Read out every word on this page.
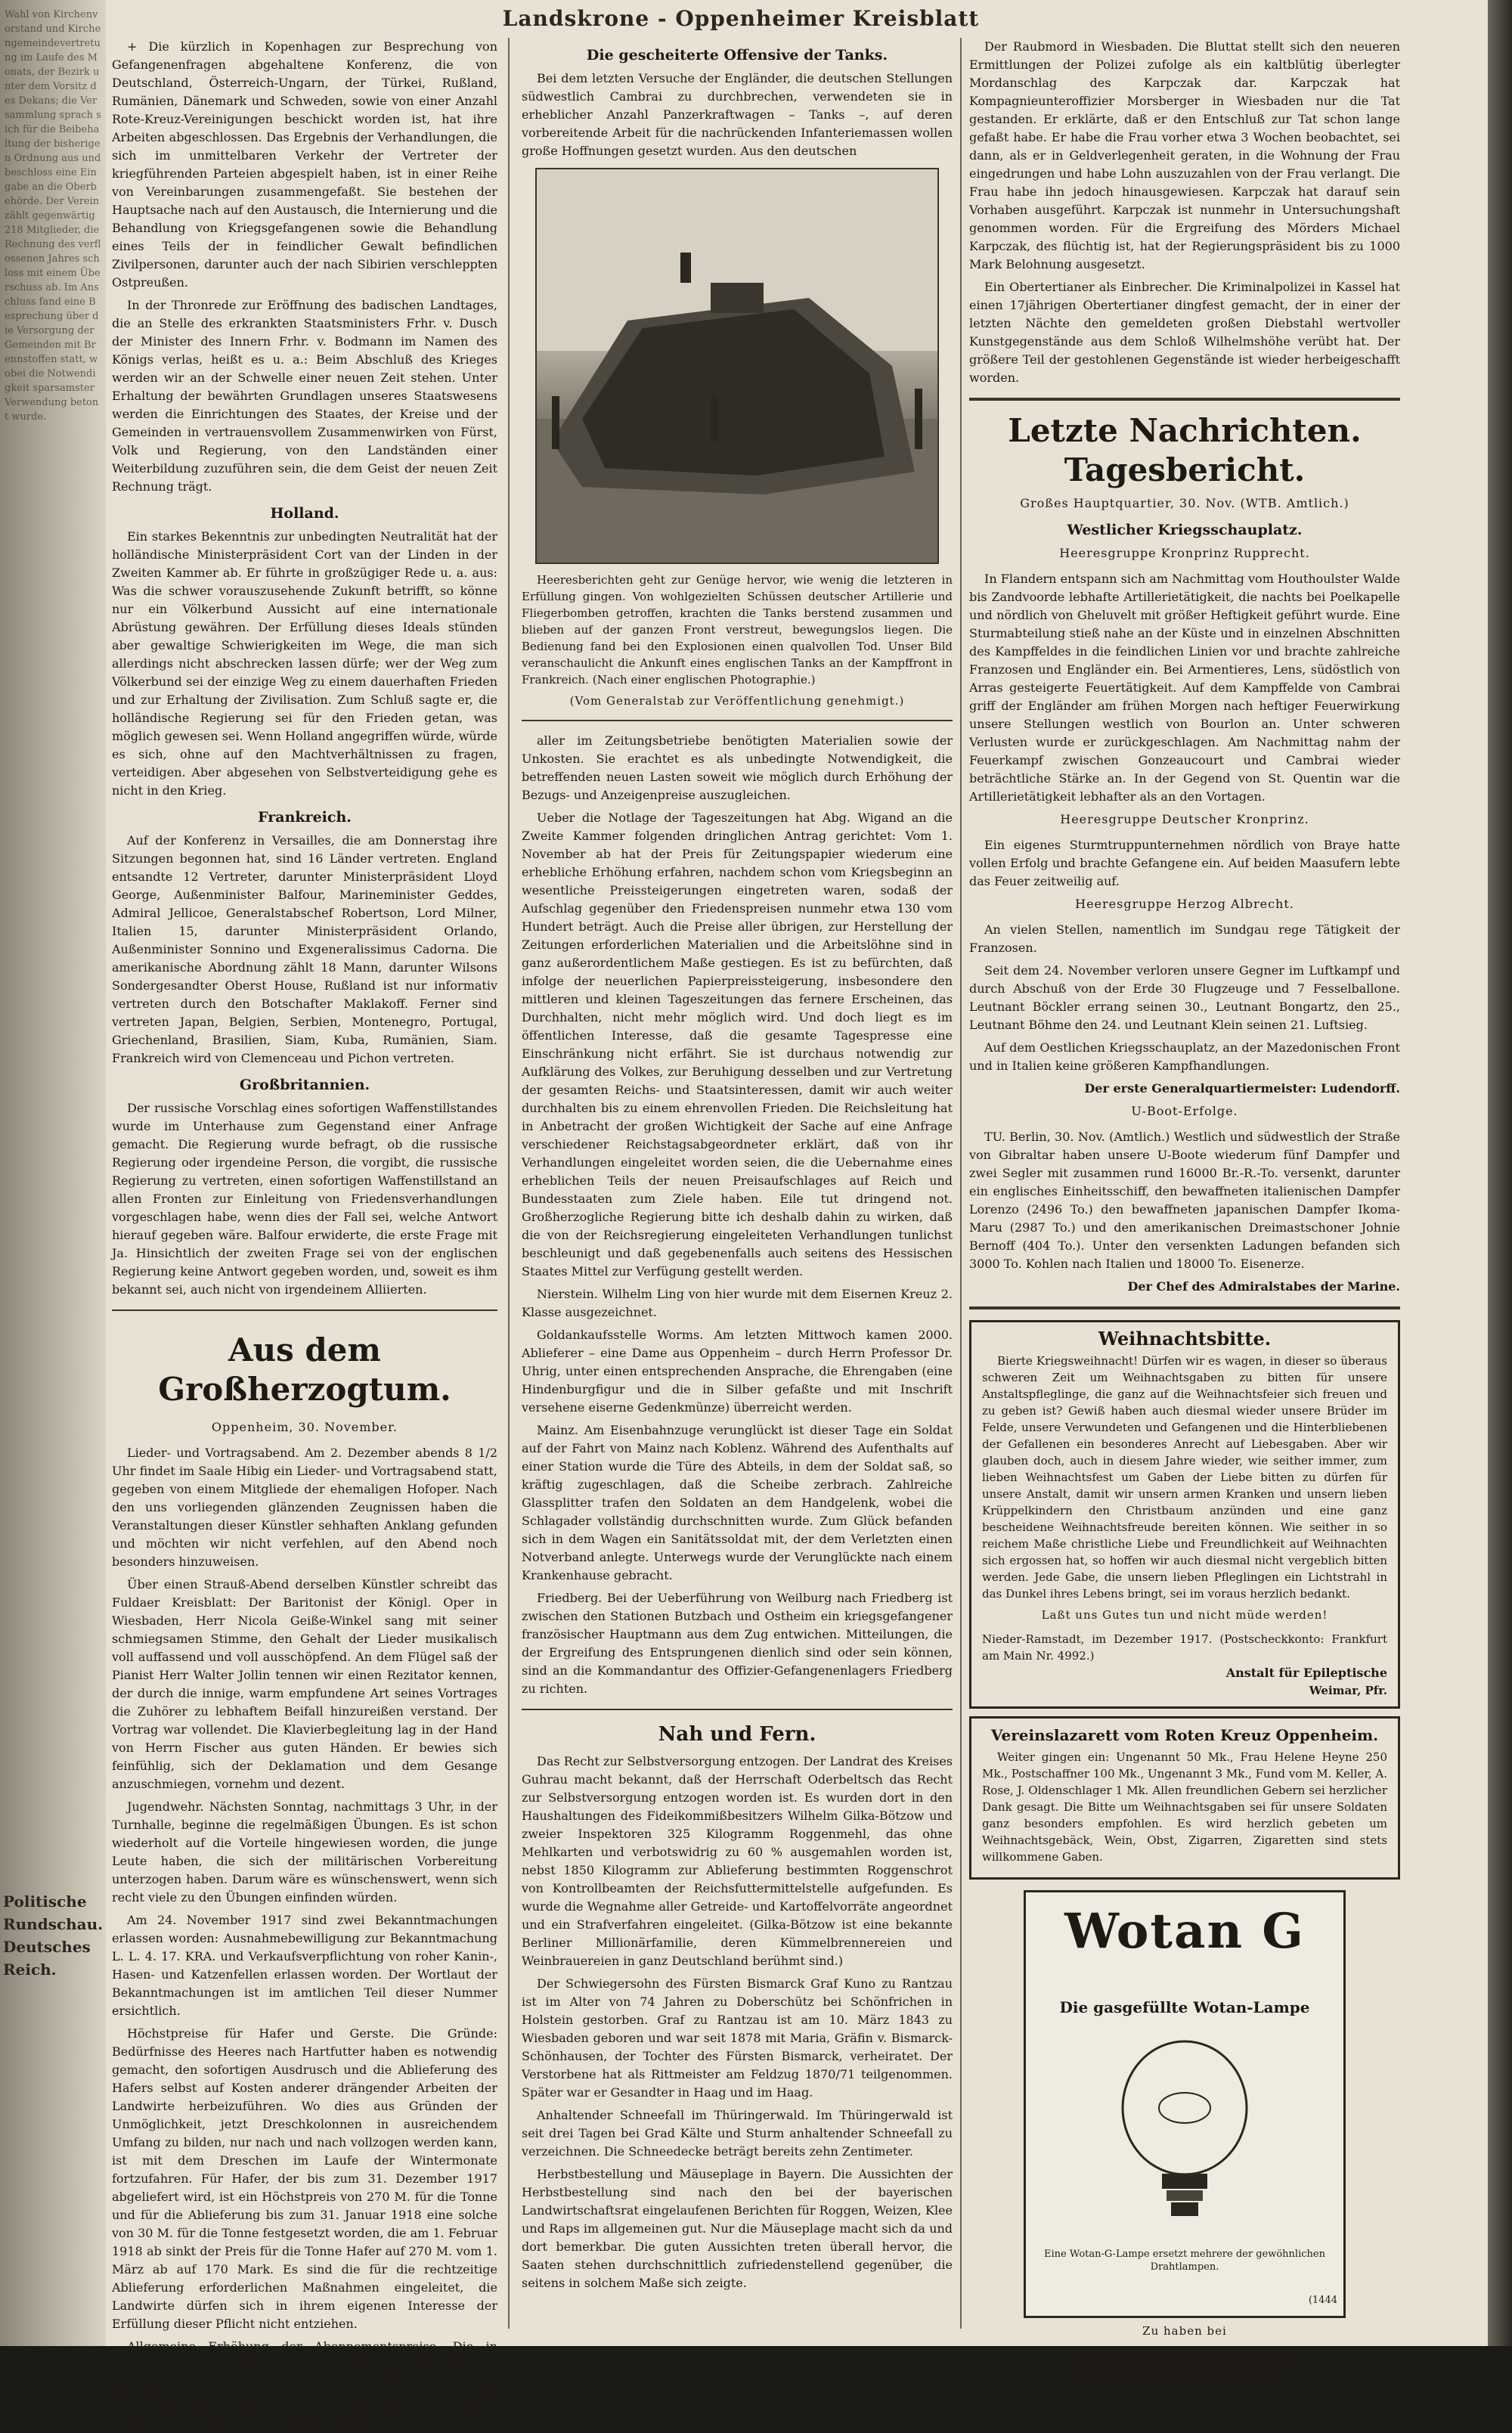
Wahl von Kirchenvorstand und Kirchengemeindevertretung im Laufe des Monats, der Bezirk unter dem Vorsitz des Dekans; die Versammlung sprach sich für die Beibehaltung der bisherigen Ordnung aus und beschloss eine Eingabe an die Oberbehörde. Der Verein zählt gegenwärtig 218 Mitglieder, die Rechnung des verflossenen Jahres schloss mit einem Überschuss ab. Im Anschluss fand eine Besprechung über die Versorgung der Gemeinden mit Brennstoffen statt, wobei die Notwendigkeit sparsamster Verwendung betont wurde.
Politische Rundschau. Deutsches Reich.
Landskrone - Oppenheimer Kreisblatt

+ Die kürzlich in Kopenhagen zur Besprechung von Gefangenenfragen abgehaltene Konferenz, die von Deutschland, Österreich-Ungarn, der Türkei, Rußland, Rumänien, Dänemark und Schweden, sowie von einer Anzahl Rote-Kreuz-Vereinigungen beschickt worden ist, hat ihre Arbeiten abgeschlossen. Das Ergebnis der Verhandlungen, die sich im unmittelbaren Verkehr der Vertreter der kriegführenden Parteien abgespielt haben, ist in einer Reihe von Vereinbarungen zusammengefaßt. Sie bestehen der Hauptsache nach auf den Austausch, die Internierung und die Behandlung von Kriegsgefangenen sowie die Behandlung eines Teils der in feindlicher Gewalt befindlichen Zivilpersonen, darunter auch der nach Sibirien verschleppten Ostpreußen.

In der Thronrede zur Eröffnung des badischen Landtages, die an Stelle des erkrankten Staatsministers Frhr. v. Dusch der Minister des Innern Frhr. v. Bodmann im Namen des Königs verlas, heißt es u. a.: Beim Abschluß des Krieges werden wir an der Schwelle einer neuen Zeit stehen. Unter Erhaltung der bewährten Grundlagen unseres Staatswesens werden die Einrichtungen des Staates, der Kreise und der Gemeinden in vertrauensvollem Zusammenwirken von Fürst, Volk und Regierung, von den Landständen einer Weiterbildung zuzuführen sein, die dem Geist der neuen Zeit Rechnung trägt.

Holland.

Ein starkes Bekenntnis zur unbedingten Neutralität hat der holländische Ministerpräsident Cort van der Linden in der Zweiten Kammer ab. Er führte in großzügiger Rede u. a. aus: Was die schwer vorauszusehende Zukunft betrifft, so könne nur ein Völkerbund Aussicht auf eine internationale Abrüstung gewähren. Der Erfüllung dieses Ideals stünden aber gewaltige Schwierigkeiten im Wege, die man sich allerdings nicht abschrecken lassen dürfe; wer der Weg zum Völkerbund sei der einzige Weg zu einem dauerhaften Frieden und zur Erhaltung der Zivilisation. Zum Schluß sagte er, die holländische Regierung sei für den Frieden getan, was möglich gewesen sei. Wenn Holland angegriffen würde, würde es sich, ohne auf den Machtverhältnissen zu fragen, verteidigen. Aber abgesehen von Selbstverteidigung gehe es nicht in den Krieg.

Frankreich.

Auf der Konferenz in Versailles, die am Donnerstag ihre Sitzungen begonnen hat, sind 16 Länder vertreten. England entsandte 12 Vertreter, darunter Ministerpräsident Lloyd George, Außenminister Balfour, Marineminister Geddes, Admiral Jellicoe, Generalstabschef Robertson, Lord Milner, Italien 15, darunter Ministerpräsident Orlando, Außenminister Sonnino und Exgeneralissimus Cadorna. Die amerikanische Abordnung zählt 18 Mann, darunter Wilsons Sondergesandter Oberst House, Rußland ist nur informativ vertreten durch den Botschafter Maklakoff. Ferner sind vertreten Japan, Belgien, Serbien, Montenegro, Portugal, Griechenland, Brasilien, Siam, Kuba, Rumänien, Siam. Frankreich wird von Clemenceau und Pichon vertreten.

Großbritannien.

Der russische Vorschlag eines sofortigen Waffenstillstandes wurde im Unterhause zum Gegenstand einer Anfrage gemacht. Die Regierung wurde befragt, ob die russische Regierung oder irgendeine Person, die vorgibt, die russische Regierung zu vertreten, einen sofortigen Waffenstillstand an allen Fronten zur Einleitung von Friedensverhandlungen vorgeschlagen habe, wenn dies der Fall sei, welche Antwort hierauf gegeben wäre. Balfour erwiderte, die erste Frage mit Ja. Hinsichtlich der zweiten Frage sei von der englischen Regierung keine Antwort gegeben worden, und, soweit es ihm bekannt sei, auch nicht von irgendeinem Alliierten.

Aus dem Großherzogtum.
Oppenheim, 30. November.

Lieder- und Vortragsabend. Am 2. Dezember abends 8 1/2 Uhr findet im Saale Hibig ein Lieder- und Vortragsabend statt, gegeben von einem Mitgliede der ehemaligen Hofoper. Nach den uns vorliegenden glänzenden Zeugnissen haben die Veranstaltungen dieser Künstler sehhaften Anklang gefunden und möchten wir nicht verfehlen, auf den Abend noch besonders hinzuweisen.

Über einen Strauß-Abend derselben Künstler schreibt das Fuldaer Kreisblatt: Der Baritonist der Königl. Oper in Wiesbaden, Herr Nicola Geiße-Winkel sang mit seiner schmiegsamen Stimme, den Gehalt der Lieder musikalisch voll auffassend und voll ausschöpfend. An dem Flügel saß der Pianist Herr Walter Jollin tennen wir einen Rezitator kennen, der durch die innige, warm empfundene Art seines Vortrages die Zuhörer zu lebhaftem Beifall hinzureißen verstand. Der Vortrag war vollendet. Die Klavierbegleitung lag in der Hand von Herrn Fischer aus guten Händen. Er bewies sich feinfühlig, sich der Deklamation und dem Gesange anzuschmiegen, vornehm und dezent.

Jugendwehr. Nächsten Sonntag, nachmittags 3 Uhr, in der Turnhalle, beginne die regelmäßigen Übungen. Es ist schon wiederholt auf die Vorteile hingewiesen worden, die junge Leute haben, die sich der militärischen Vorbereitung unterzogen haben. Darum wäre es wünschenswert, wenn sich recht viele zu den Übungen einfinden würden.

Am 24. November 1917 sind zwei Bekanntmachungen erlassen worden: Ausnahmebewilligung zur Bekanntmachung L. L. 4. 17. KRA. und Verkaufsverpflichtung von roher Kanin-, Hasen- und Katzenfellen erlassen worden. Der Wortlaut der Bekanntmachungen ist im amtlichen Teil dieser Nummer ersichtlich.

Höchstpreise für Hafer und Gerste. Die Gründe: Bedürfnisse des Heeres nach Hartfutter haben es notwendig gemacht, den sofortigen Ausdrusch und die Ablieferung des Hafers selbst auf Kosten anderer drängender Arbeiten der Landwirte herbeizuführen. Wo dies aus Gründen der Unmöglichkeit, jetzt Dreschkolonnen in ausreichendem Umfang zu bilden, nur nach und nach vollzogen werden kann, ist mit dem Dreschen im Laufe der Wintermonate fortzufahren. Für Hafer, der bis zum 31. Dezember 1917 abgeliefert wird, ist ein Höchstpreis von 270 M. für die Tonne und für die Ablieferung bis zum 31. Januar 1918 eine solche von 30 M. für die Tonne festgesetzt worden, die am 1. Februar 1918 ab sinkt der Preis für die Tonne Hafer auf 270 M. vom 1. März ab auf 170 Mark. Es sind die für die rechtzeitige Ablieferung erforderlichen Maßnahmen eingeleitet, die Landwirte dürfen sich in ihrem eigenen Interesse der Erfüllung dieser Pflicht nicht entziehen.

Allgemeine Erhöhung der Abonnementspreise. Die in Frankfurt a. M. tagende Versammlung der Verleger des Kreisvereins für die Provinz Hessen-Nassau und das Großherzogtum Hessen nahm Stellung zu der seit Jahr und Tag weiter sprunghaft in die Höhe gegangenen Preise.

Die gescheiterte Offensive der Tanks.

Bei dem letzten Versuche der Engländer, die deutschen Stellungen südwestlich Cambrai zu durchbrechen, verwendeten sie in erheblicher Anzahl Panzerkraftwagen – Tanks –, auf deren vorbereitende Arbeit für die nachrückenden Infanteriemassen wollen große Hoffnungen gesetzt wurden. Aus den deutschen

Heeresberichten geht zur Genüge hervor, wie wenig die letzteren in Erfüllung gingen. Von wohlgezielten Schüssen deutscher Artillerie und Fliegerbomben getroffen, krachten die Tanks berstend zusammen und blieben auf der ganzen Front verstreut, bewegungslos liegen. Die Bedienung fand bei den Explosionen einen qualvollen Tod. Unser Bild veranschaulicht die Ankunft eines englischen Tanks an der Kampffront in Frankreich. (Nach einer englischen Photographie.)

(Vom Generalstab zur Veröffentlichung genehmigt.)

aller im Zeitungsbetriebe benötigten Materialien sowie der Unkosten. Sie erachtet es als unbedingte Notwendigkeit, die betreffenden neuen Lasten soweit wie möglich durch Erhöhung der Bezugs- und Anzeigenpreise auszugleichen.

Ueber die Notlage der Tageszeitungen hat Abg. Wigand an die Zweite Kammer folgenden dringlichen Antrag gerichtet: Vom 1. November ab hat der Preis für Zeitungspapier wiederum eine erhebliche Erhöhung erfahren, nachdem schon vom Kriegsbeginn an wesentliche Preissteigerungen eingetreten waren, sodaß der Aufschlag gegenüber den Friedenspreisen nunmehr etwa 130 vom Hundert beträgt. Auch die Preise aller übrigen, zur Herstellung der Zeitungen erforderlichen Materialien und die Arbeitslöhne sind in ganz außerordentlichem Maße gestiegen. Es ist zu befürchten, daß infolge der neuerlichen Papierpreissteigerung, insbesondere den mittleren und kleinen Tageszeitungen das fernere Erscheinen, das Durchhalten, nicht mehr möglich wird. Und doch liegt es im öffentlichen Interesse, daß die gesamte Tagespresse eine Einschränkung nicht erfährt. Sie ist durchaus notwendig zur Aufklärung des Volkes, zur Beruhigung desselben und zur Vertretung der gesamten Reichs- und Staatsinteressen, damit wir auch weiter durchhalten bis zu einem ehrenvollen Frieden. Die Reichsleitung hat in Anbetracht der großen Wichtigkeit der Sache auf eine Anfrage verschiedener Reichstagsabgeordneter erklärt, daß von ihr Verhandlungen eingeleitet worden seien, die die Uebernahme eines erheblichen Teils der neuen Preisaufschlages auf Reich und Bundesstaaten zum Ziele haben. Eile tut dringend not. Großherzogliche Regierung bitte ich deshalb dahin zu wirken, daß die von der Reichsregierung eingeleiteten Verhandlungen tunlichst beschleunigt und daß gegebenenfalls auch seitens des Hessischen Staates Mittel zur Verfügung gestellt werden.

Nierstein. Wilhelm Ling von hier wurde mit dem Eisernen Kreuz 2. Klasse ausgezeichnet.

Goldankaufsstelle Worms. Am letzten Mittwoch kamen 2000. Ablieferer – eine Dame aus Oppenheim – durch Herrn Professor Dr. Uhrig, unter einen entsprechenden Ansprache, die Ehrengaben (eine Hindenburgfigur und die in Silber gefaßte und mit Inschrift versehene eiserne Gedenkmünze) überreicht werden.

Mainz. Am Eisenbahnzuge verunglückt ist dieser Tage ein Soldat auf der Fahrt von Mainz nach Koblenz. Während des Aufenthalts auf einer Station wurde die Türe des Abteils, in dem der Soldat saß, so kräftig zugeschlagen, daß die Scheibe zerbrach. Zahlreiche Glassplitter trafen den Soldaten an dem Handgelenk, wobei die Schlagader vollständig durchschnitten wurde. Zum Glück befanden sich in dem Wagen ein Sanitätssoldat mit, der dem Verletzten einen Notverband anlegte. Unterwegs wurde der Verunglückte nach einem Krankenhause gebracht.

Friedberg. Bei der Ueberführung von Weilburg nach Friedberg ist zwischen den Stationen Butzbach und Ostheim ein kriegsgefangener französischer Hauptmann aus dem Zug entwichen. Mitteilungen, die der Ergreifung des Entsprungenen dienlich sind oder sein können, sind an die Kommandantur des Offizier-Gefangenenlagers Friedberg zu richten.

Nah und Fern.

Das Recht zur Selbstversorgung entzogen. Der Landrat des Kreises Guhrau macht bekannt, daß der Herrschaft Oderbeltsch das Recht zur Selbstversorgung entzogen worden ist. Es wurden dort in den Haushaltungen des Fideikommißbesitzers Wilhelm Gilka-Bötzow und zweier Inspektoren 325 Kilogramm Roggenmehl, das ohne Mehlkarten und verbotswidrig zu 60 % ausgemahlen worden ist, nebst 1850 Kilogramm zur Ablieferung bestimmten Roggenschrot von Kontrollbeamten der Reichsfuttermittelstelle aufgefunden. Es wurde die Wegnahme aller Getreide- und Kartoffelvorräte angeordnet und ein Strafverfahren eingeleitet. (Gilka-Bötzow ist eine bekannte Berliner Millionärfamilie, deren Kümmelbrennereien und Weinbrauereien in ganz Deutschland berühmt sind.)

Der Schwiegersohn des Fürsten Bismarck Graf Kuno zu Rantzau ist im Alter von 74 Jahren zu Doberschütz bei Schönfrichen in Holstein gestorben. Graf zu Rantzau ist am 10. März 1843 zu Wiesbaden geboren und war seit 1878 mit Maria, Gräfin v. Bismarck-Schönhausen, der Tochter des Fürsten Bismarck, verheiratet. Der Verstorbene hat als Rittmeister am Feldzug 1870/71 teilgenommen. Später war er Gesandter in Haag und im Haag.

Anhaltender Schneefall im Thüringerwald. Im Thüringerwald ist seit drei Tagen bei Grad Kälte und Sturm anhaltender Schneefall zu verzeichnen. Die Schneedecke beträgt bereits zehn Zentimeter.

Herbstbestellung und Mäuseplage in Bayern. Die Aussichten der Herbstbestellung sind nach den bei der bayerischen Landwirtschaftsrat eingelaufenen Berichten für Roggen, Weizen, Klee und Raps im allgemeinen gut. Nur die Mäuseplage macht sich da und dort bemerkbar. Die guten Aussichten treten überall hervor, die Saaten stehen durchschnittlich zufriedenstellend gegenüber, die seitens in solchem Maße sich zeigte.

Der Raubmord in Wiesbaden. Die Bluttat stellt sich den neueren Ermittlungen der Polizei zufolge als ein kaltblütig überlegter Mordanschlag des Karpczak dar. Karpczak hat Kompagnieunteroffizier Morsberger in Wiesbaden nur die Tat gestanden. Er erklärte, daß er den Entschluß zur Tat schon lange gefaßt habe. Er habe die Frau vorher etwa 3 Wochen beobachtet, sei dann, als er in Geldverlegenheit geraten, in die Wohnung der Frau eingedrungen und habe Lohn auszuzahlen von der Frau verlangt. Die Frau habe ihn jedoch hinausgewiesen. Karpczak hat darauf sein Vorhaben ausgeführt. Karpczak ist nunmehr in Untersuchungshaft genommen worden. Für die Ergreifung des Mörders Michael Karpczak, des flüchtig ist, hat der Regierungspräsident bis zu 1000 Mark Belohnung ausgesetzt.

Ein Obertertianer als Einbrecher. Die Kriminalpolizei in Kassel hat einen 17jährigen Obertertianer dingfest gemacht, der in einer der letzten Nächte den gemeldeten großen Diebstahl wertvoller Kunstgegenstände aus dem Schloß Wilhelmshöhe verübt hat. Der größere Teil der gestohlenen Gegenstände ist wieder herbeigeschafft worden.

Letzte Nachrichten.
Tagesbericht.
Großes Hauptquartier, 30. Nov. (WTB. Amtlich.)
Westlicher Kriegsschauplatz.
Heeresgruppe Kronprinz Rupprecht.

In Flandern entspann sich am Nachmittag vom Houthoulster Walde bis Zandvoorde lebhafte Artillerietätigkeit, die nachts bei Poelkapelle und nördlich von Gheluvelt mit größer Heftigkeit geführt wurde. Eine Sturmabteilung stieß nahe an der Küste und in einzelnen Abschnitten des Kampffeldes in die feindlichen Linien vor und brachte zahlreiche Franzosen und Engländer ein. Bei Armentieres, Lens, südöstlich von Arras gesteigerte Feuertätigkeit. Auf dem Kampffelde von Cambrai griff der Engländer am frühen Morgen nach heftiger Feuerwirkung unsere Stellungen westlich von Bourlon an. Unter schweren Verlusten wurde er zurückgeschlagen. Am Nachmittag nahm der Feuerkampf zwischen Gonzeaucourt und Cambrai wieder beträchtliche Stärke an. In der Gegend von St. Quentin war die Artillerietätigkeit lebhafter als an den Vortagen.

Heeresgruppe Deutscher Kronprinz.

Ein eigenes Sturmtruppunternehmen nördlich von Braye hatte vollen Erfolg und brachte Gefangene ein. Auf beiden Maasufern lebte das Feuer zeitweilig auf.

Heeresgruppe Herzog Albrecht.

An vielen Stellen, namentlich im Sundgau rege Tätigkeit der Franzosen.

Seit dem 24. November verloren unsere Gegner im Luftkampf und durch Abschuß von der Erde 30 Flugzeuge und 7 Fesselballone. Leutnant Böckler errang seinen 30., Leutnant Bongartz, den 25., Leutnant Böhme den 24. und Leutnant Klein seinen 21. Luftsieg.

Auf dem Oestlichen Kriegsschauplatz, an der Mazedonischen Front und in Italien keine größeren Kampfhandlungen.

Der erste Generalquartiermeister: Ludendorff.

U-Boot-Erfolge.

TU. Berlin, 30. Nov. (Amtlich.) Westlich und südwestlich der Straße von Gibraltar haben unsere U-Boote wiederum fünf Dampfer und zwei Segler mit zusammen rund 16000 Br.-R.-To. versenkt, darunter ein englisches Einheitsschiff, den bewaffneten italienischen Dampfer Lorenzo (2496 To.) den bewaffneten japanischen Dampfer Ikoma-Maru (2987 To.) und den amerikanischen Dreimastschoner Johnie Bernoff (404 To.). Unter den versenkten Ladungen befanden sich 3000 To. Kohlen nach Italien und 18000 To. Eisenerze.

Der Chef des Admiralstabes der Marine.

Weihnachtsbitte.

Bierte Kriegsweihnacht! Dürfen wir es wagen, in dieser so überaus schweren Zeit um Weihnachtsgaben zu bitten für unsere Anstaltspfleglinge, die ganz auf die Weihnachtsfeier sich freuen und zu geben ist? Gewiß haben auch diesmal wieder unsere Brüder im Felde, unsere Verwundeten und Gefangenen und die Hinterbliebenen der Gefallenen ein besonderes Anrecht auf Liebesgaben. Aber wir glauben doch, auch in diesem Jahre wieder, wie seither immer, zum lieben Weihnachtsfest um Gaben der Liebe bitten zu dürfen für unsere Anstalt, damit wir unsern armen Kranken und unsern lieben Krüppelkindern den Christbaum anzünden und eine ganz bescheidene Weihnachtsfreude bereiten können. Wie seither in so reichem Maße christliche Liebe und Freundlichkeit auf Weihnachten sich ergossen hat, so hoffen wir auch diesmal nicht vergeblich bitten werden. Jede Gabe, die unsern lieben Pfleglingen ein Lichtstrahl in das Dunkel ihres Lebens bringt, sei im voraus herzlich bedankt.

Laßt uns Gutes tun und nicht müde werden!
Nieder-Ramstadt, im Dezember 1917. (Postscheckkonto: Frankfurt am Main Nr. 4992.)
Anstalt für Epileptische
Weimar, Pfr.
Vereinslazarett vom Roten Kreuz Oppenheim.

Weiter gingen ein: Ungenannt 50 Mk., Frau Helene Heyne 250 Mk., Postschaffner 100 Mk., Ungenannt 3 Mk., Fund vom M. Keller, A. Rose, J. Oldenschlager 1 Mk. Allen freundlichen Gebern sei herzlicher Dank gesagt. Die Bitte um Weihnachtsgaben sei für unsere Soldaten ganz besonders empfohlen. Es wird herzlich gebeten um Weihnachtsgebäck, Wein, Obst, Zigarren, Zigaretten sind stets willkommene Gaben.

Wotan G
Die gasgefüllte Wotan-Lampe
Eine Wotan-G-Lampe ersetzt mehrere der gewöhnlichen Drahtlampen.
(1444
Zu haben bei
Elektrizitätswerk Oppenheim,
Elektrizitätswerk Nierstein.
